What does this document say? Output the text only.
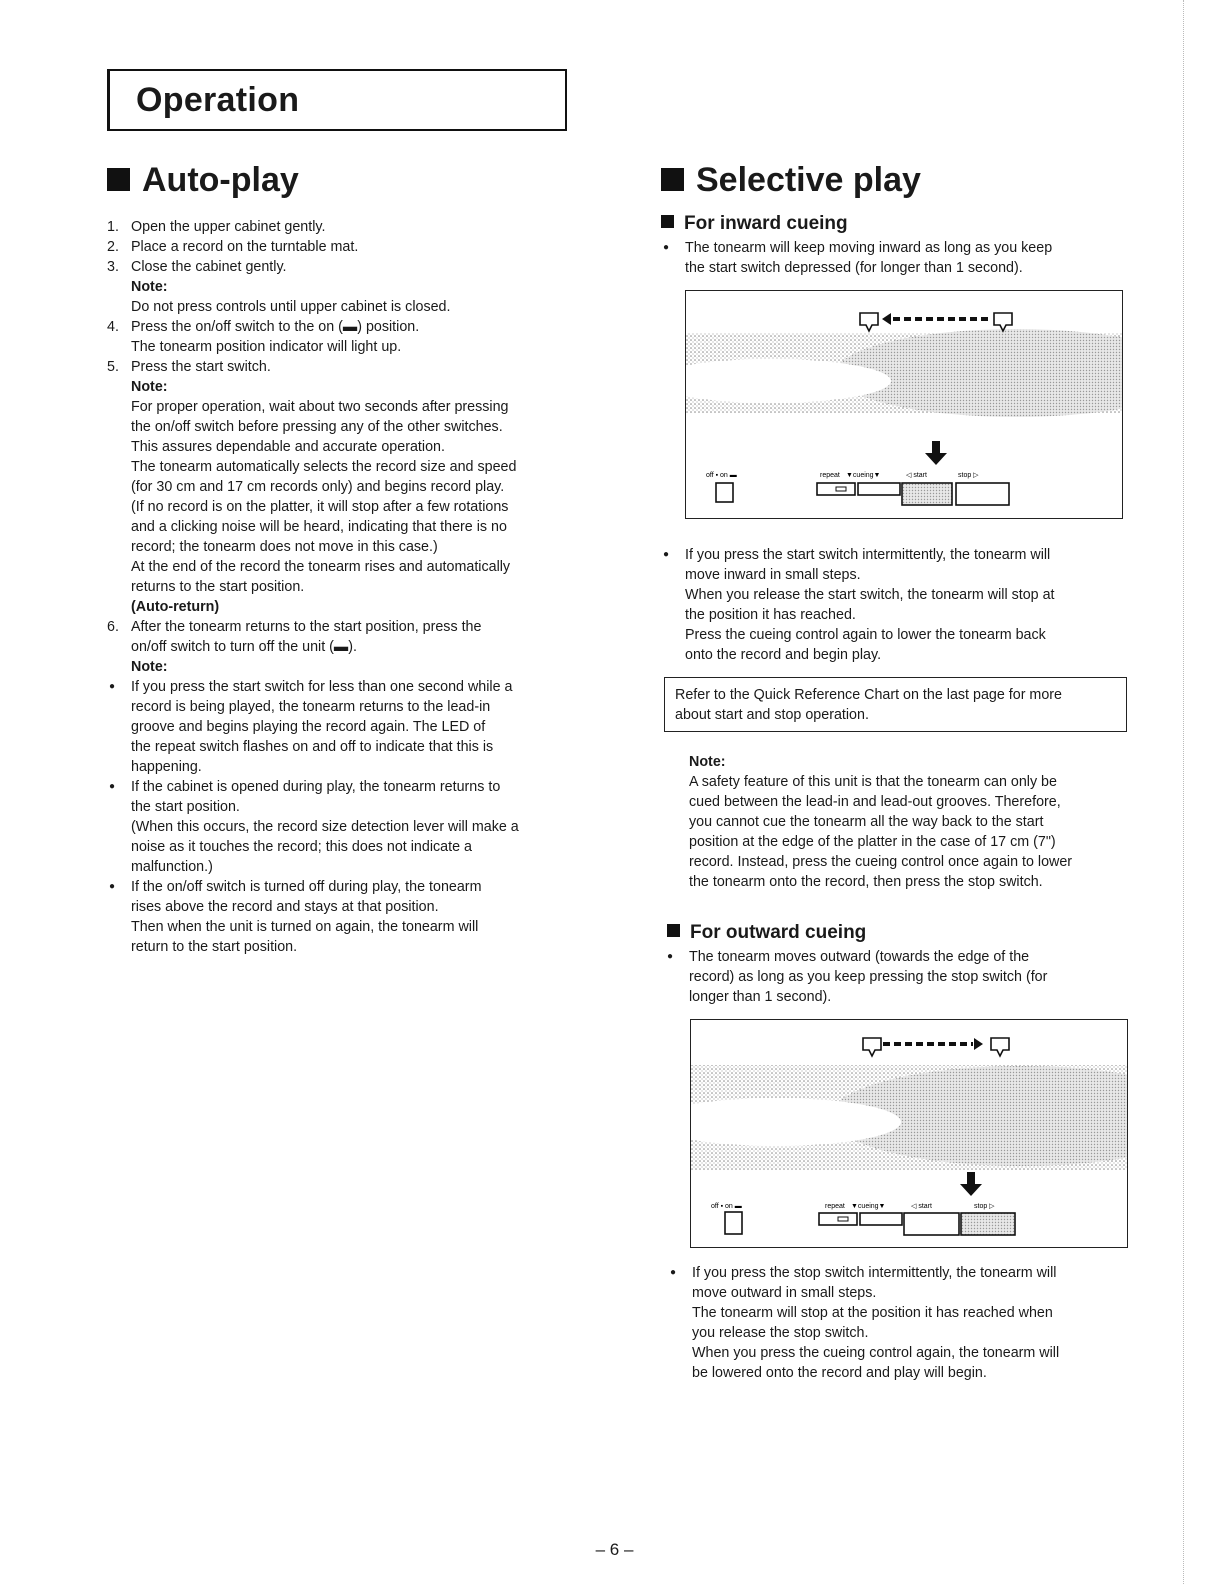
Operation
Auto-play
1. Open the upper cabinet gently.
2. Place a record on the turntable mat.
3. Close the cabinet gently.
Note:
Do not press controls until upper cabinet is closed.
4. Press the on/off switch to the on (▬) position.
The tonearm position indicator will light up.
5. Press the start switch.
Note:
For proper operation, wait about two seconds after pressing
the on/off switch before pressing any of the other switches.
This assures dependable and accurate operation.
The tonearm automatically selects the record size and speed
(for 30 cm and 17 cm records only) and begins record play.
(If no record is on the platter, it will stop after a few rotations
and a clicking noise will be heard, indicating that there is no
record; the tonearm does not move in this case.)
At the end of the record the tonearm rises and automatically
returns to the start position.
(Auto-return)
6. After the tonearm returns to the start position, press the
on/off switch to turn off the unit (▬).
Note:
● If you press the start switch for less than one second while a
record is being played, the tonearm returns to the lead-in
groove and begins playing the record again. The LED of
the repeat switch flashes on and off to indicate that this is
happening.
● If the cabinet is opened during play, the tonearm returns to
the start position.
(When this occurs, the record size detection lever will make a
noise as it touches the record; this does not indicate a
malfunction.)
● If the on/off switch is turned off during play, the tonearm
rises above the record and stays at that position.
Then when the unit is turned on again, the tonearm will
return to the start position.
Selective play
For inward cueing
● The tonearm will keep moving inward as long as you keep
the start switch depressed (for longer than 1 second).
off ▪ on ▬	repeat ▼cueing▼	◁ start	stop ▷
● If you press the start switch intermittently, the tonearm will
move inward in small steps.
When you release the start switch, the tonearm will stop at
the position it has reached.
Press the cueing control again to lower the tonearm back
onto the record and begin play.
Refer to the Quick Reference Chart on the last page for more
about start and stop operation.
Note:
A safety feature of this unit is that the tonearm can only be
cued between the lead-in and lead-out grooves. Therefore,
you cannot cue the tonearm all the way back to the start
position at the edge of the platter in the case of 17 cm (7")
record. Instead, press the cueing control once again to lower
the tonearm onto the record, then press the stop switch.
For outward cueing
● The tonearm moves outward (towards the edge of the
record) as long as you keep pressing the stop switch (for
longer than 1 second).
off ▪ on ▬	repeat ▼cueing▼	◁ start	stop ▷
● If you press the stop switch intermittently, the tonearm will
move outward in small steps.
The tonearm will stop at the position it has reached when
you release the stop switch.
When you press the cueing control again, the tonearm will
be lowered onto the record and play will begin.
– 6 –
